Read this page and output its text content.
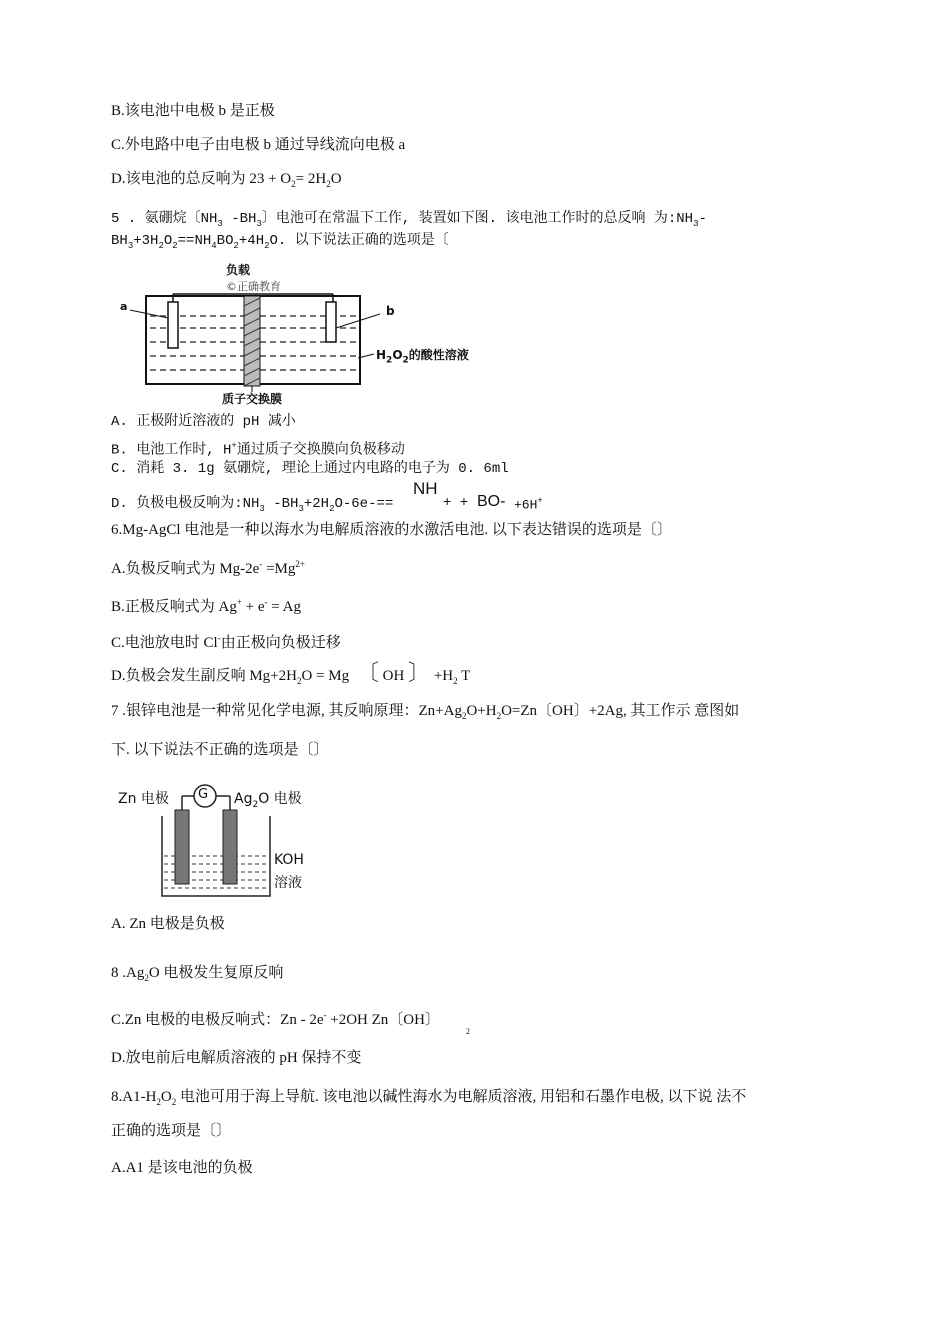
B.该电池中电极 b 是正极
C.外电路中电子由电极 b 通过导线流向电极 a
D.该电池的总反响为 $23 + O_2= 2H_2O$
5 . 氨硼烷〔$NH_3$ $-BH_3$〕电池可在常温下工作, 装置如下图. 该电池工作时的总反响 为$:NH_3-$
$BH_3+3H_2O_2==NH_4BO_2+4H_2O$. 以下说法正确的选项是〔
负载
©正确教育
a	b
$H_2O_2$的酸性溶液
质子交换膜
A. 正极附近溶液的 pH 减小
B. 电池工作时, H+通过质子交换膜向负极移动
C. 消耗 3. 1g 氨硼烷, 理论上通过内电路的电子为 0. 6ml
D. 负极电极反响为$:NH_3$ $-BH_3+2H_2O-6e-==$
NH
+ + BO- +6H+
6.Mg-AgCl 电池是一种以海水为电解质溶液的水激活电池. 以下表达错误的选项是〔〕
A.负极反响式为 $Mg-2e^- =Mg^{2+}$
B.正极反响式为 Ag+ + e- = Ag
C.电池放电时 Cl-由正极向负极迁移
D.负极会发生副反响 $Mg+2H_2O = Mg$ 〔 OH 〕 $+H_2$ T
7 .银锌电池是一种常见化学电源, 其反响原理：$Zn+Ag_2O+H_2O=Zn$〔OH〕+2Ag, 其工作示 意图如
下. 以下说法不正确的选项是〔〕
G
Zn 电极	$Ag_2O$ 电极
KOH
溶液
A. Zn 电极是负极
8 $.Ag_2O$ 电极发生复原反响
C.Zn 电极的电极反响式：Zn - 2e- +2OH Zn〔OH〕
2
D.放电前后电解质溶液的 pH 保持不变
$8.A1-H_2O_2$ 电池可用于海上导航. 该电池以碱性海水为电解质溶液, 用铝和石墨作电极, 以下说 法不
正确的选项是〔〕
A.A1 是该电池的负极
